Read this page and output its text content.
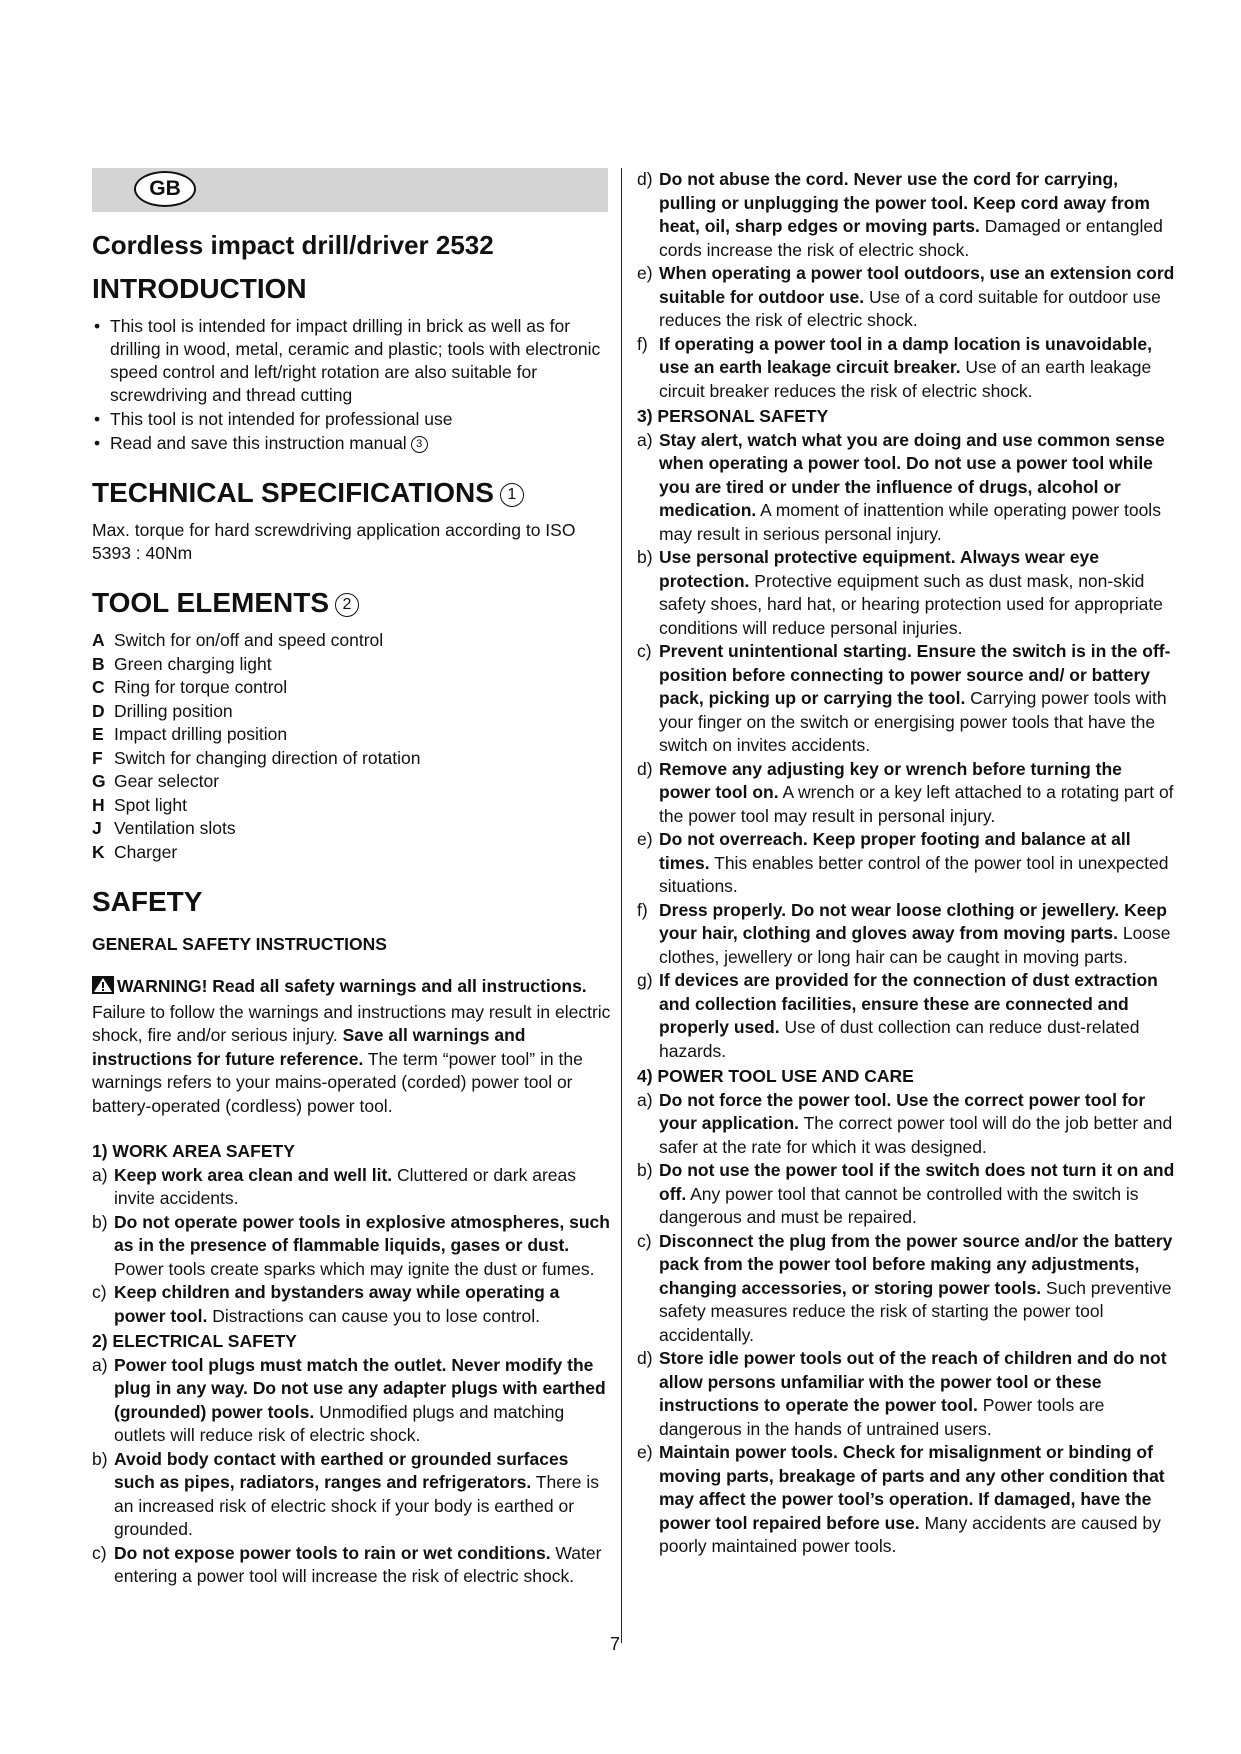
GB
Cordless impact drill/driver 2532
INTRODUCTION
• This tool is intended for impact drilling in brick as well as for drilling in wood, metal, ceramic and plastic; tools with electronic speed control and left/right rotation are also suitable for screwdriving and thread cutting
• This tool is not intended for professional use
• Read and save this instruction manual 3
TECHNICAL SPECIFICATIONS 1

Max. torque for hard screwdriving application according to ISO 5393 : 40Nm

TOOL ELEMENTS 2
A Switch for on/off and speed control
B Green charging light
C Ring for torque control
D Drilling position
E Impact drilling position
F Switch for changing direction of rotation
G Gear selector
H Spot light
J Ventilation slots
K Charger
SAFETY
GENERAL SAFETY INSTRUCTIONS
WARNING! Read all safety warnings and all instructions. Failure to follow the warnings and instructions may result in electric shock, fire and/or serious injury. Save all warnings and instructions for future reference. The term “power tool” in the warnings refers to your mains-operated (corded) power tool or battery-operated (cordless) power tool.
1) WORK AREA SAFETY
a) Keep work area clean and well lit. Cluttered or dark areas invite accidents.
b) Do not operate power tools in explosive atmospheres, such as in the presence of flammable liquids, gases or dust. Power tools create sparks which may ignite the dust or fumes.
c) Keep children and bystanders away while operating a power tool. Distractions can cause you to lose control.
2) ELECTRICAL SAFETY
a) Power tool plugs must match the outlet. Never modify the plug in any way. Do not use any adapter plugs with earthed (grounded) power tools. Unmodified plugs and matching outlets will reduce risk of electric shock.
b) Avoid body contact with earthed or grounded surfaces such as pipes, radiators, ranges and refrigerators. There is an increased risk of electric shock if your body is earthed or grounded.
c) Do not expose power tools to rain or wet conditions. Water entering a power tool will increase the risk of electric shock.
d) Do not abuse the cord. Never use the cord for carrying, pulling or unplugging the power tool. Keep cord away from heat, oil, sharp edges or moving parts. Damaged or entangled cords increase the risk of electric shock.
e) When operating a power tool outdoors, use an extension cord suitable for outdoor use. Use of a cord suitable for outdoor use reduces the risk of electric shock.
f) If operating a power tool in a damp location is unavoidable, use an earth leakage circuit breaker. Use of an earth leakage circuit breaker reduces the risk of electric shock.
3) PERSONAL SAFETY
a) Stay alert, watch what you are doing and use common sense when operating a power tool. Do not use a power tool while you are tired or under the influence of drugs, alcohol or medication. A moment of inattention while operating power tools may result in serious personal injury.
b) Use personal protective equipment. Always wear eye protection. Protective equipment such as dust mask, non-skid safety shoes, hard hat, or hearing protection used for appropriate conditions will reduce personal injuries.
c) Prevent unintentional starting. Ensure the switch is in the off-position before connecting to power source and/ or battery pack, picking up or carrying the tool. Carrying power tools with your finger on the switch or energising power tools that have the switch on invites accidents.
d) Remove any adjusting key or wrench before turning the power tool on. A wrench or a key left attached to a rotating part of the power tool may result in personal injury.
e) Do not overreach. Keep proper footing and balance at all times. This enables better control of the power tool in unexpected situations.
f) Dress properly. Do not wear loose clothing or jewellery. Keep your hair, clothing and gloves away from moving parts. Loose clothes, jewellery or long hair can be caught in moving parts.
g) If devices are provided for the connection of dust extraction and collection facilities, ensure these are connected and properly used. Use of dust collection can reduce dust-related hazards.
4) POWER TOOL USE AND CARE
a) Do not force the power tool. Use the correct power tool for your application. The correct power tool will do the job better and safer at the rate for which it was designed.
b) Do not use the power tool if the switch does not turn it on and off. Any power tool that cannot be controlled with the switch is dangerous and must be repaired.
c) Disconnect the plug from the power source and/or the battery pack from the power tool before making any adjustments, changing accessories, or storing power tools. Such preventive safety measures reduce the risk of starting the power tool accidentally.
d) Store idle power tools out of the reach of children and do not allow persons unfamiliar with the power tool or these instructions to operate the power tool. Power tools are dangerous in the hands of untrained users.
e) Maintain power tools. Check for misalignment or binding of moving parts, breakage of parts and any other condition that may affect the power tool’s operation. If damaged, have the power tool repaired before use. Many accidents are caused by poorly maintained power tools.
7
